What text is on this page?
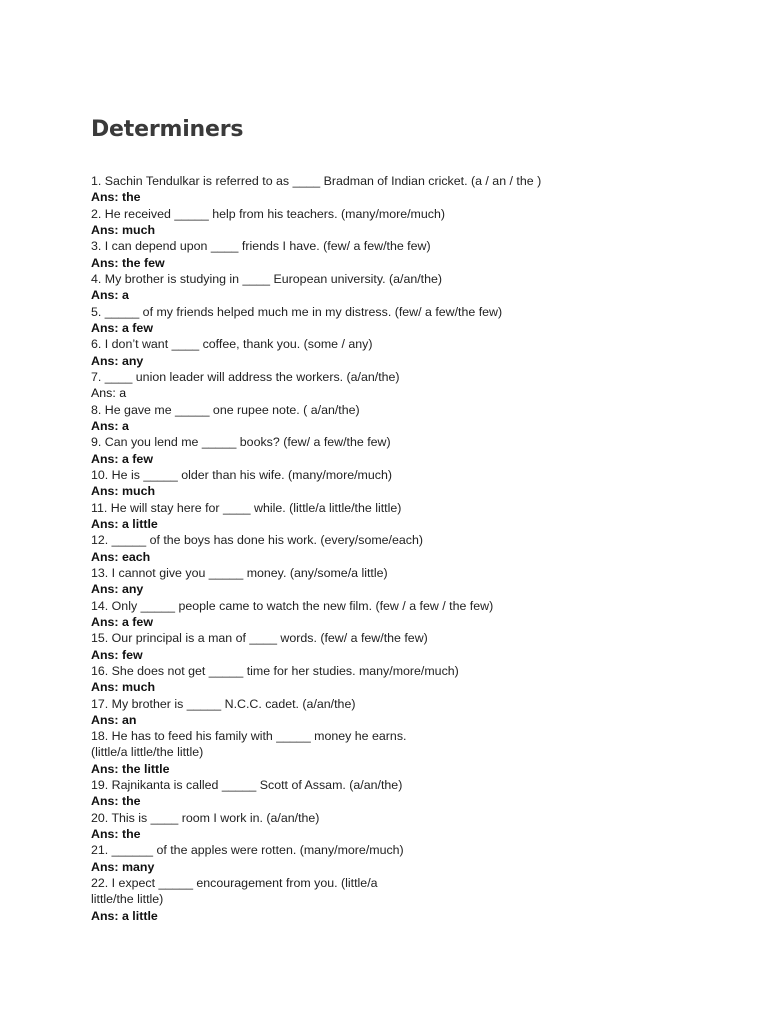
Determiners
1. Sachin Tendulkar is referred to as ____ Bradman of Indian cricket. (a / an / the )
Ans: the
2. He received _____ help from his teachers. (many/more/much)
Ans: much
3. I can depend upon ____ friends I have. (few/ a few/the few)
Ans: the few
4. My brother is studying in ____ European university. (a/an/the)
Ans: a
5. _____ of my friends helped much me in my distress. (few/ a few/the few)
Ans: a few
6. I don’t want ____ coffee, thank you. (some / any)
Ans: any
7. ____ union leader will address the workers. (a/an/the)
Ans: a
8. He gave me _____ one rupee note. ( a/an/the)
Ans: a
9. Can you lend me _____ books? (few/ a few/the few)
Ans: a few
10. He is _____ older than his wife. (many/more/much)
Ans: much
11. He will stay here for ____ while. (little/a little/the little)
Ans: a little
12. _____ of the boys has done his work. (every/some/each)
Ans: each
13. I cannot give you _____ money. (any/some/a little)
Ans: any
14. Only _____ people came to watch the new film. (few / a few / the few)
Ans: a few
15. Our principal is a man of ____ words. (few/ a few/the few)
Ans: few
16. She does not get _____ time for her studies. many/more/much)
Ans: much
17. My brother is _____ N.C.C. cadet. (a/an/the)
Ans: an
18. He has to feed his family with _____ money he earns.
(little/a little/the little)
Ans: the little
19. Rajnikanta is called _____ Scott of Assam. (a/an/the)
Ans: the
20. This is ____ room I work in. (a/an/the)
Ans: the
21. ______ of the apples were rotten. (many/more/much)
Ans: many
22. I expect _____ encouragement from you. (little/a
little/the little)
Ans: a little
